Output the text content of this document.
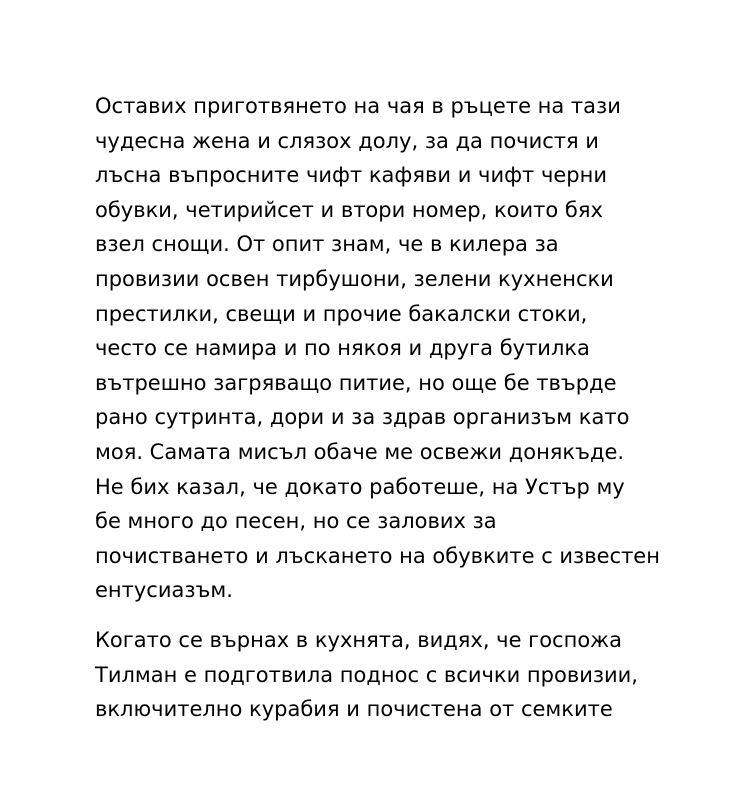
Оставих приготвянето на чая в ръцете на тази
чудесна жена и слязох долу, за да почистя и
лъсна въпросните чифт кафяви и чифт черни
обувки, четирийсет и втори номер, които бях
взел снощи. От опит знам, че в килера за
провизии освен тирбушони, зелени кухненски
престилки, свещи и прочие бакалски стоки,
често се намира и по някоя и друга бутилка
вътрешно загряващо питие, но още бе твърде
рано сутринта, дори и за здрав организъм като
моя. Самата мисъл обаче ме освежи донякъде.
Не бих казал, че докато работеше, на Устър му
бе много до песен, но се залових за
почистването и лъскането на обувките с известен
ентусиазъм.
Когато се върнах в кухнята, видях, че госпожа
Тилман е подготвила поднос с всички провизии,
включително курабия и почистена от семките
